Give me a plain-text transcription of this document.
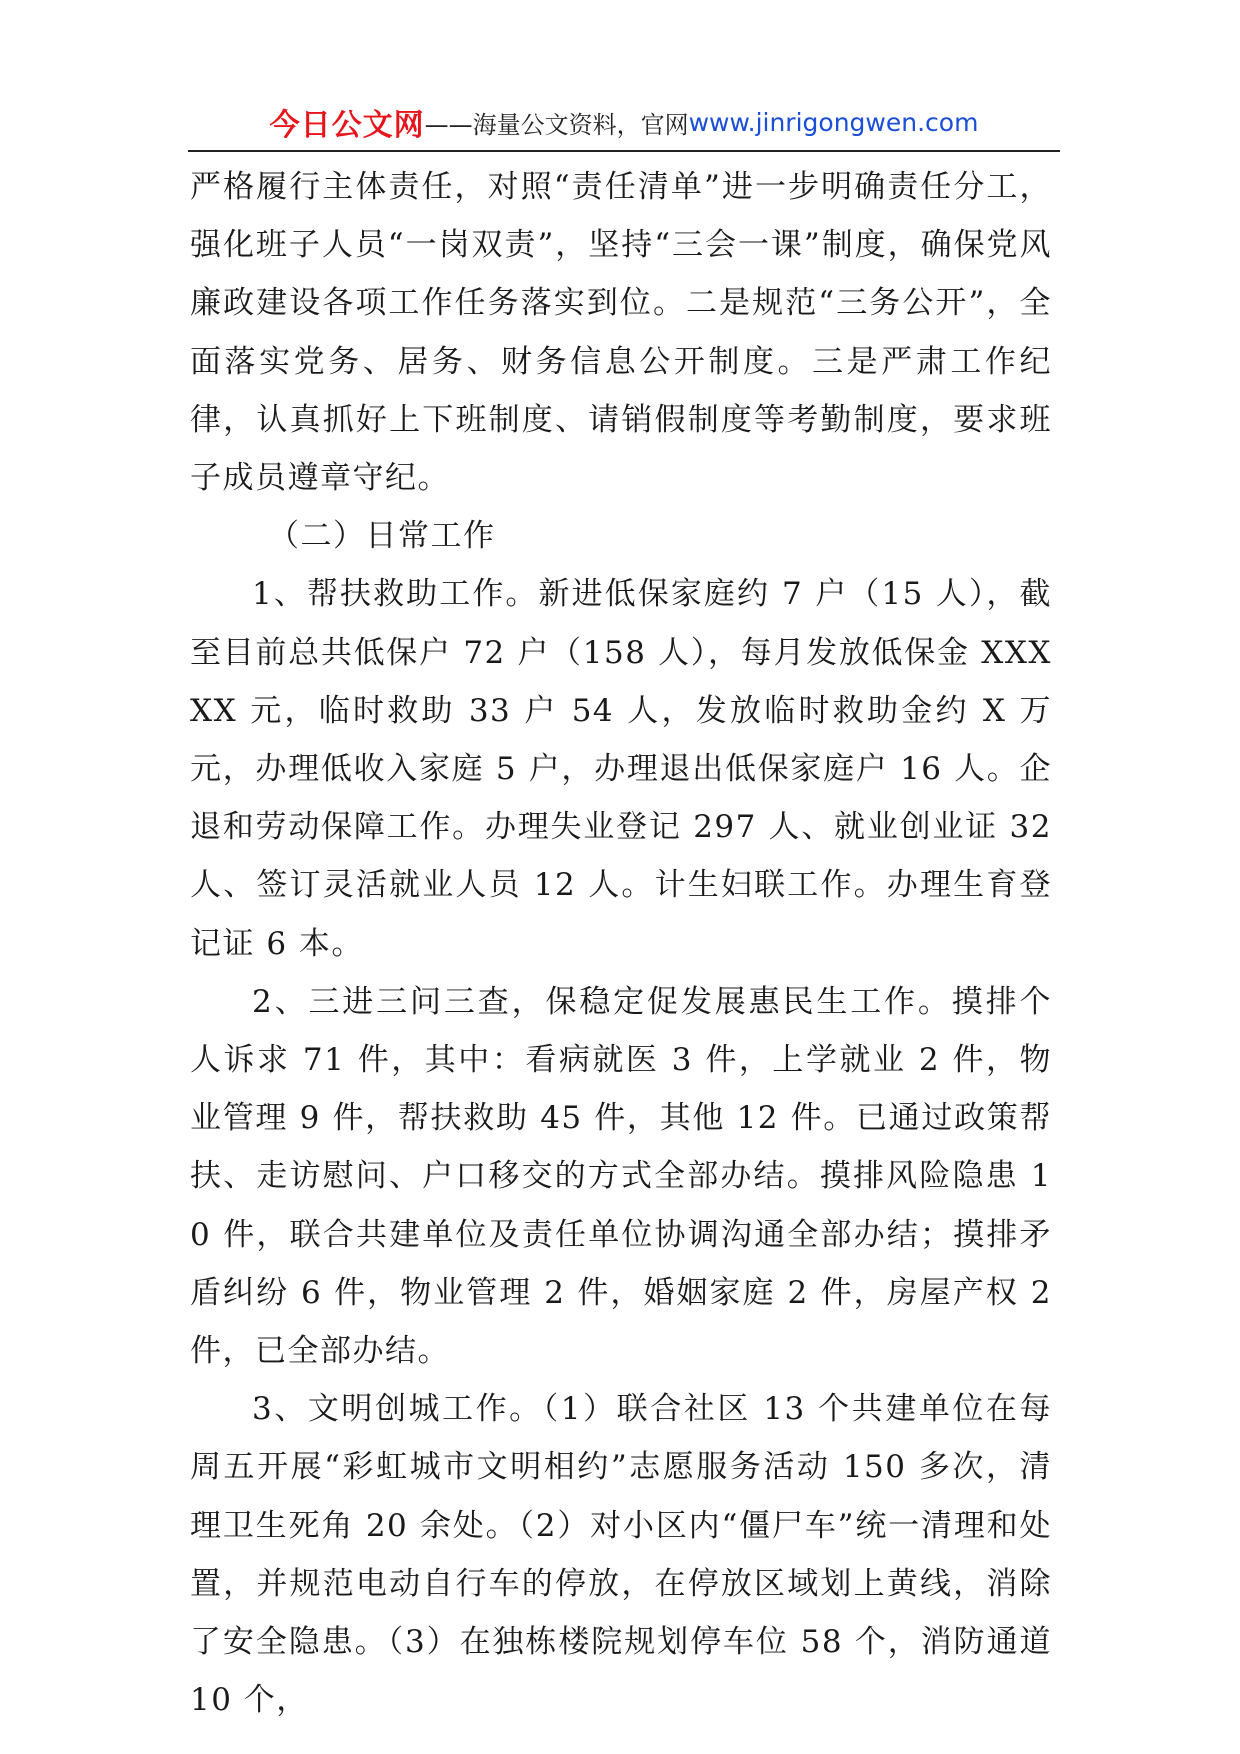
今日公文网 ——海量公文资料，官网 www.jinrigongwen.com

严格履行主体责任，对照“责任清单”进一步明确责任分工，强化班子人员“一岗双责”，坚持“三会一课”制度，确保党风廉政建设各项工作任务落实到位。二是规范“三务公开”，全面落实党务、居务、财务信息公开制度。三是严肃工作纪律，认真抓好上下班制度、请销假制度等考勤制度，要求班子成员遵章守纪。

（二）日常工作

1、帮扶救助工作。新进低保家庭约 7 户（15 人），截至目前总共低保户 72 户（158 人），每月发放低保金 XXXXX 元，临时救助 33 户 54 人，发放临时救助金约 X 万元，办理低收入家庭 5 户，办理退出低保家庭户 16 人。企退和劳动保障工作。办理失业登记 297 人、就业创业证 32 人、签订灵活就业人员 12 人。计生妇联工作。办理生育登记证 6 本。

2、三进三问三查，保稳定促发展惠民生工作。摸排个人诉求 71 件，其中：看病就医 3 件，上学就业 2 件，物业管理 9 件，帮扶救助 45 件，其他 12 件。已通过政策帮扶、走访慰问、户口移交的方式全部办结。摸排风险隐患 10 件，联合共建单位及责任单位协调沟通全部办结；摸排矛盾纠纷 6 件，物业管理 2 件，婚姻家庭 2 件，房屋产权 2 件，已全部办结。

3、文明创城工作。（1）联合社区 13 个共建单位在每周五开展“彩虹城市文明相约”志愿服务活动 150 多次，清理卫生死角 20 余处。（2）对小区内“僵尸车”统一清理和处置，并规范电动自行车的停放，在停放区域划上黄线，消除了安全隐患。（3）在独栋楼院规划停车位 58 个，消防通道 10 个，
